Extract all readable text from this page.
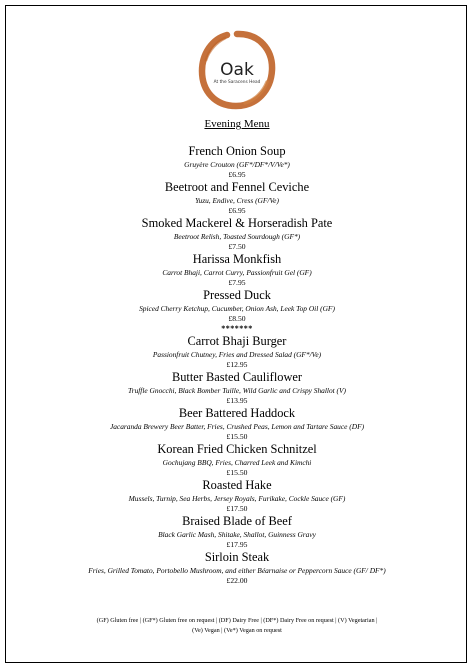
Oak
At the Saracens Head
Evening Menu
French Onion Soup
Gruyère Crouton (GF*/DF*/V/Ve*)
£6.95
Beetroot and Fennel Ceviche
Yuzu, Endive, Cress (GF/Ve)
£6.95
Smoked Mackerel & Horseradish Pate
Beetroot Relish, Toasted Sourdough (GF*)
£7.50
Harissa Monkfish
Carrot Bhaji, Carrot Curry, Passionfruit Gel (GF)
£7.95
Pressed Duck
Spiced Cherry Ketchup, Cucumber, Onion Ash, Leek Top Oil (GF)
£8.50
*******
Carrot Bhaji Burger
Passionfruit Chutney, Fries and Dressed Salad (GF*/Ve)
£12.95
Butter Basted Cauliflower
Truffle Gnocchi, Black Bomber Tuille, Wild Garlic and Crispy Shallot (V)
£13.95
Beer Battered Haddock
Jacaranda Brewery Beer Batter, Fries, Crushed Peas, Lemon and Tartare Sauce (DF)
£15.50
Korean Fried Chicken Schnitzel
Gochujang BBQ, Fries, Charred Leek and Kimchi
£15.50
Roasted Hake
Mussels, Turnip, Sea Herbs, Jersey Royals, Furikake, Cockle Sauce (GF)
£17.50
Braised Blade of Beef
Black Garlic Mash, Shitake, Shallot, Guinness Gravy
£17.95
Sirloin Steak
Fries, Grilled Tomato, Portobello Mushroom, and either Béarnaise or Peppercorn Sauce (GF/ DF*)
£22.00
(GF) Gluten free | (GF*) Gluten free on request | (DF) Dairy Free | (DF*) Dairy Free on request | (V) Vegetarian |
(Ve) Vegan | (Ve*) Vegan on request
